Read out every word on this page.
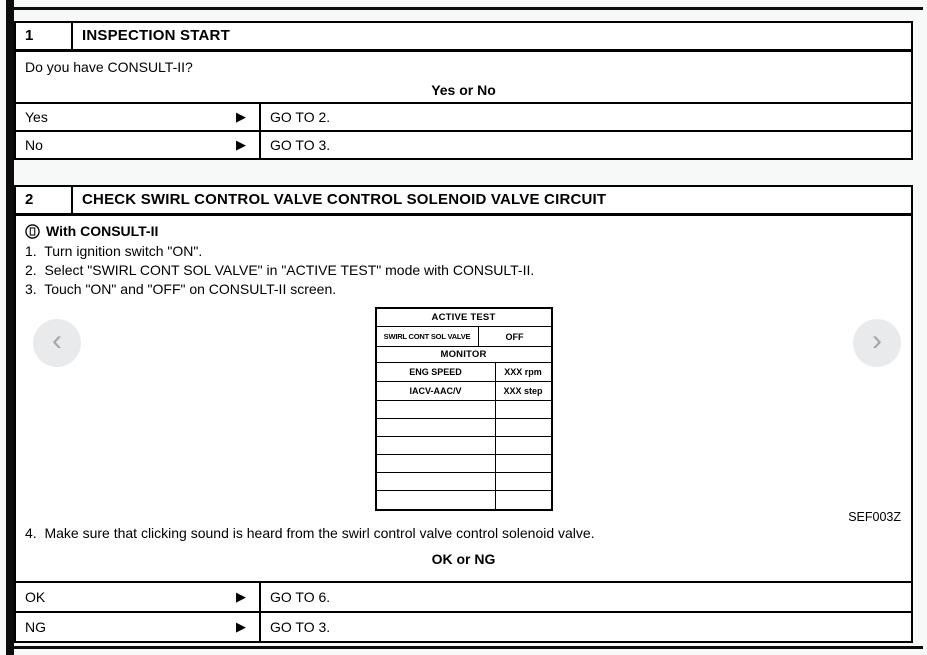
1	INSPECTION START
Do you have CONSULT-II?
Yes or No
Yes	▶	GO TO 2.
No	▶	GO TO 3.
2	CHECK SWIRL CONTROL VALVE CONTROL SOLENOID VALVE CIRCUIT
With CONSULT-II
1.  Turn ignition switch "ON".
2.  Select "SWIRL CONT SOL VALVE" in "ACTIVE TEST" mode with CONSULT-II.
3.  Touch "ON" and "OFF" on CONSULT-II screen.
ACTIVE TEST
SWIRL CONT SOL VALVE	OFF
MONITOR
ENG SPEED	XXX rpm
IACV-AAC/V	XXX step
SEF003Z
4.  Make sure that clicking sound is heard from the swirl control valve control solenoid valve.
OK or NG
OK	▶	GO TO 6.
NG	▶	GO TO 3.
‹	›
